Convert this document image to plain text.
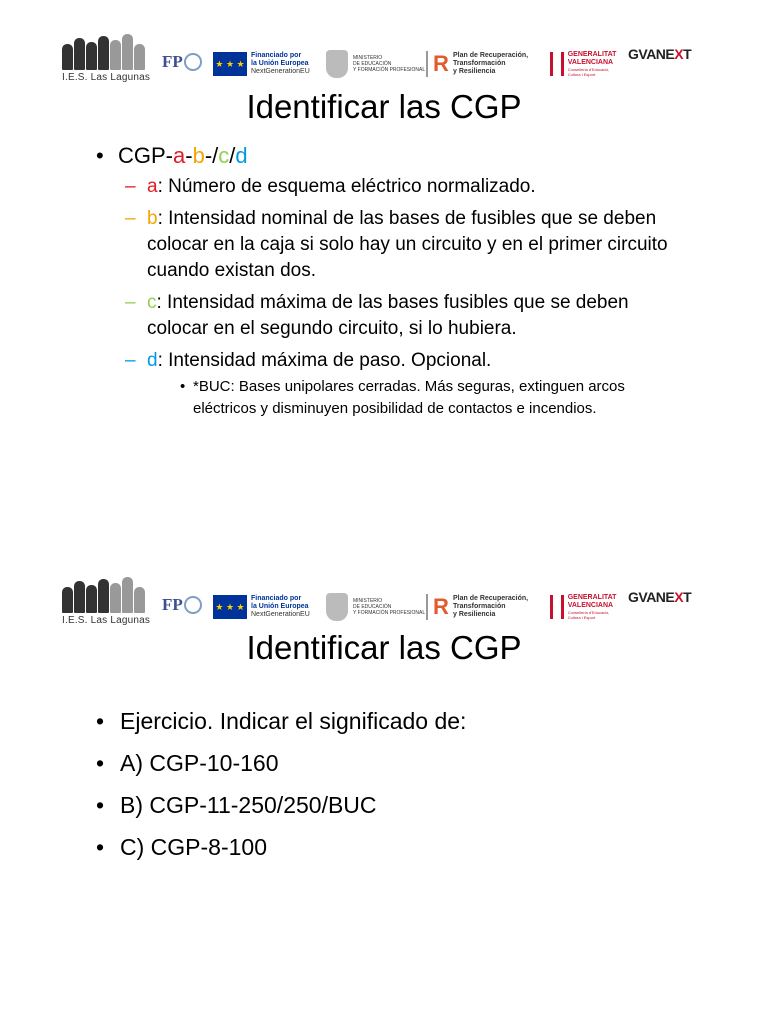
I.E.S. Las Lagunas
FP	★ ★ ★
Financiado por
la Unión Europea
NextGenerationEU
MINISTERIO
DE EDUCACIÓN
Y FORMACIÓN PROFESIONAL R Plan de Recuperación,
Transformación
y Resiliencia
GENERALITAT
VALENCIANA
Conselleria d'Educació, Cultura i Esport
GVANEXT
Identificar las CGP
• CGP-a-b-/c/d
– a: Número de esquema eléctrico normalizado.
– b: Intensidad nominal de las bases de fusibles que se deben colocar en la caja si solo hay un circuito y en el primer circuito cuando existan dos.
– c: Intensidad máxima de las bases fusibles que se deben colocar en el segundo circuito, si lo hubiera.
– d: Intensidad máxima de paso. Opcional.
• *BUC: Bases unipolares cerradas. Más seguras, extinguen arcos eléctricos y disminuyen posibilidad de contactos e incendios.
I.E.S. Las Lagunas
FP	★ ★ ★
Financiado por
la Unión Europea
NextGenerationEU
MINISTERIO
DE EDUCACIÓN
Y FORMACIÓN PROFESIONAL R Plan de Recuperación,
Transformación
y Resiliencia
GENERALITAT
VALENCIANA
Conselleria d'Educació, Cultura i Esport
GVANEXT
Identificar las CGP
• Ejercicio. Indicar el significado de:
• A) CGP-10-160
• B) CGP-11-250/250/BUC
• C) CGP-8-100
